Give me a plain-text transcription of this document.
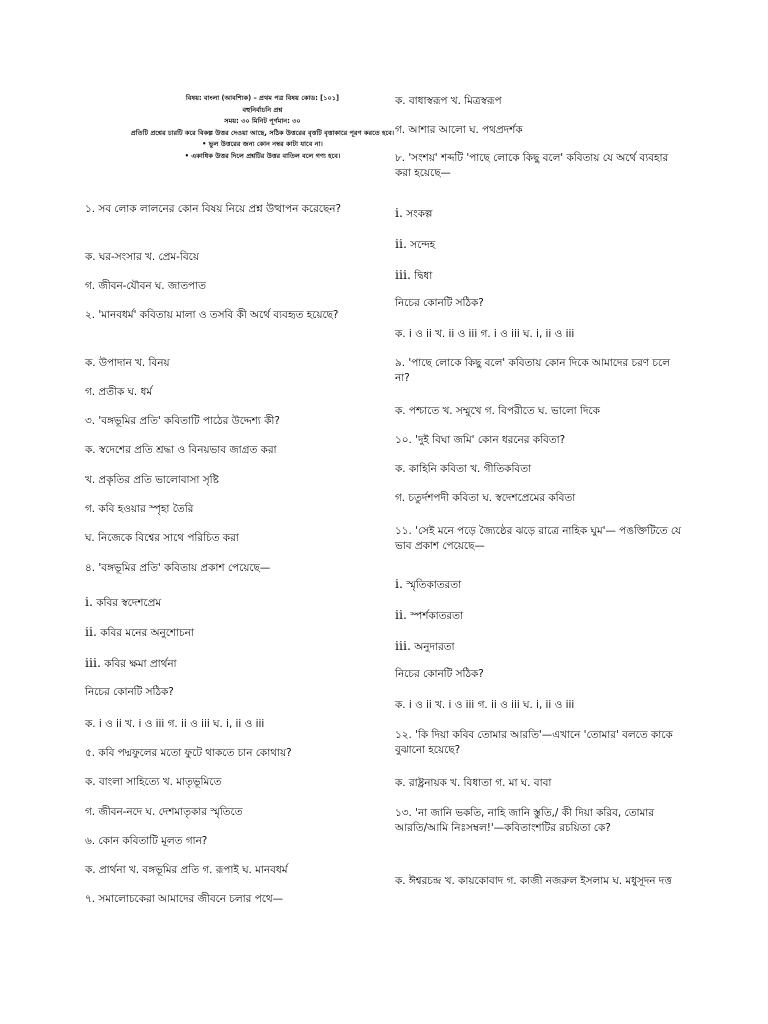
বিষয়: বাংলা (আবশ্যিক) – প্রথম পত্র বিষয় কোড: [১০১]
বহুনির্বাচনি প্রশ্ন
সময়: ৩০ মিনিট পূর্ণমান: ৩০
প্রতিটি প্রশ্নের চারটি করে বিকল্প উত্তর দেওয়া আছে, সঠিক উত্তরের বৃত্তটি বৃত্তাকারে পূরণ করতে হবে।
• ভুল উত্তরের জন্য কোন নম্বর কাটা যাবে না।
• একাধিক উত্তর দিলে প্রশ্নটির উত্তর বাতিল বলে গণ্য হবে।
১. সব লোক লালনের কোন বিষয় নিয়ে প্রশ্ন উত্থাপন করেছেন?
ক. ঘর-সংসার খ. প্রেম-বিয়ে
গ. জীবন-যৌবন ঘ. জাতপাত
২. 'মানবধর্ম' কবিতায় মালা ও তসবি কী অর্থে ব্যবহৃত হয়েছে?
ক. উপাদান খ. বিনয়
গ. প্রতীক ঘ. ধর্ম
৩. 'বঙ্গভূমির প্রতি' কবিতাটি পাঠের উদ্দেশ্য কী?
ক. স্বদেশের প্রতি শ্রদ্ধা ও বিনয়ভাব জাগ্রত করা
খ. প্রকৃতির প্রতি ভালোবাসা সৃষ্টি
গ. কবি হওয়ার স্পৃহা তৈরি
ঘ. নিজেকে বিশ্বের সাথে পরিচিত করা
৪. 'বঙ্গভূমির প্রতি' কবিতায় প্রকাশ পেয়েছে—
i. কবির স্বদেশপ্রেম
ii. কবির মনের অনুশোচনা
iii. কবির ক্ষমা প্রার্থনা
নিচের কোনটি সঠিক?
ক. i ও ii খ. i ও iii গ. ii ও iii ঘ. i, ii ও iii
৫. কবি পদ্মফুলের মতো ফুটে থাকতে চান কোথায়?
ক. বাংলা সাহিত্যে খ. মাতৃভূমিতে
গ. জীবন-নদে ঘ. দেশমাতৃকার স্মৃতিতে
৬. কোন কবিতাটি মূলত গান?
ক. প্রার্থনা খ. বঙ্গভূমির প্রতি গ. রূপাই ঘ. মানবধর্ম
৭. সমালোচকেরা আমাদের জীবনে চলার পথে—
ক. বাধাস্বরূপ খ. মিত্রস্বরূপ
গ. আশার আলো ঘ. পথপ্রদর্শক
৮. 'সংশয়' শব্দটি 'পাছে লোকে কিছু বলে' কবিতায় যে অর্থে ব্যবহার করা হয়েছে—
i. সংকল্প
ii. সন্দেহ
iii. দ্বিধা
নিচের কোনটি সঠিক?
ক. i ও ii খ. ii ও iii গ. i ও iii ঘ. i, ii ও iii
৯. 'পাছে লোকে কিছু বলে' কবিতায় কোন দিকে আমাদের চরণ চলে না?
ক. পশ্চাতে খ. সম্মুখে গ. বিপরীতে ঘ. ভালো দিকে
১০. 'দুই বিঘা জমি' কোন ধরনের কবিতা?
ক. কাহিনি কবিতা খ. গীতিকবিতা
গ. চতুর্দশপদী কবিতা ঘ. স্বদেশপ্রেমের কবিতা
১১. 'সেই মনে পড়ে জ্যৈষ্ঠের ঝড়ে রাত্রে নাহিক ঘুম'— পঙক্তিটিতে যে ভাব প্রকাশ পেয়েছে—
i. স্মৃতিকাতরতা
ii. স্পর্শকাতরতা
iii. অনুদারতা
নিচের কোনটি সঠিক?
ক. i ও ii খ. i ও iii গ. ii ও iii ঘ. i, ii ও iii
১২. 'কি দিয়া কবিব তোমার আরতি'—এখানে 'তোমার' বলতে কাকে বুঝানো হয়েছে?
ক. রাষ্ট্রনায়ক খ. বিধাতা গ. মা ঘ. বাবা
১৩. 'না জানি ভকতি, নাহি জানি স্তুতি,/ কী দিয়া করিব, তোমার আরতি/আমি নিঃসম্বল!'—কবিতাংশটির রচয়িতা কে?
ক. ঈশ্বরচন্দ্র খ. কায়কোবাদ গ. কাজী নজরুল ইসলাম ঘ. মধুসূদন দত্ত
